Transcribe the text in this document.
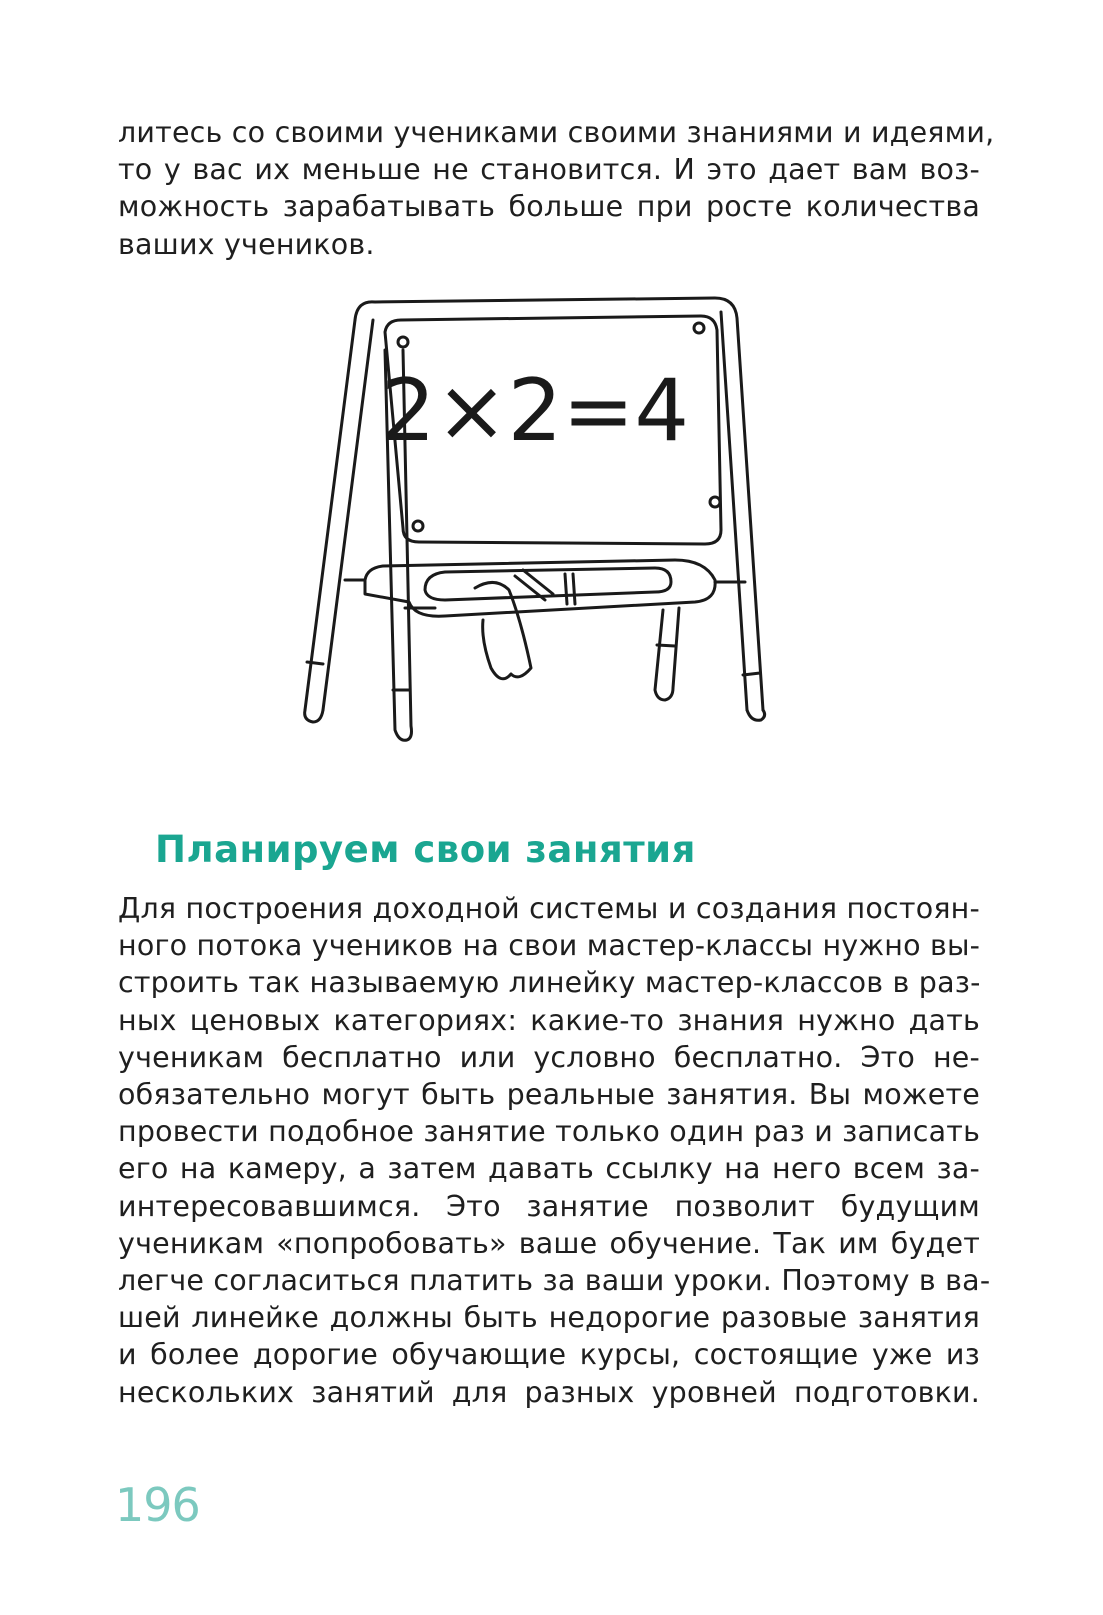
литесь со своими учениками своими знаниями и идеями,
то у вас их меньше не становится. И это дает вам воз-
можность зарабатывать больше при росте количества
ваших учеников.
2×2=4
Планируем свои занятия
Для построения доходной системы и создания постоян-
ного потока учеников на свои мастер-классы нужно вы-
строить так называемую линейку мастер-классов в раз-
ных ценовых категориях: какие-то знания нужно дать
ученикам бесплатно или условно бесплатно. Это не-
обязательно могут быть реальные занятия. Вы можете
провести подобное занятие только один раз и записать
его на камеру, а затем давать ссылку на него всем за-
интересовавшимся. Это занятие позволит будущим
ученикам «попробовать» ваше обучение. Так им будет
легче согласиться платить за ваши уроки. Поэтому в ва-
шей линейке должны быть недорогие разовые занятия
и более дорогие обучающие курсы, состоящие уже из
нескольких занятий для разных уровней подготовки.
196
